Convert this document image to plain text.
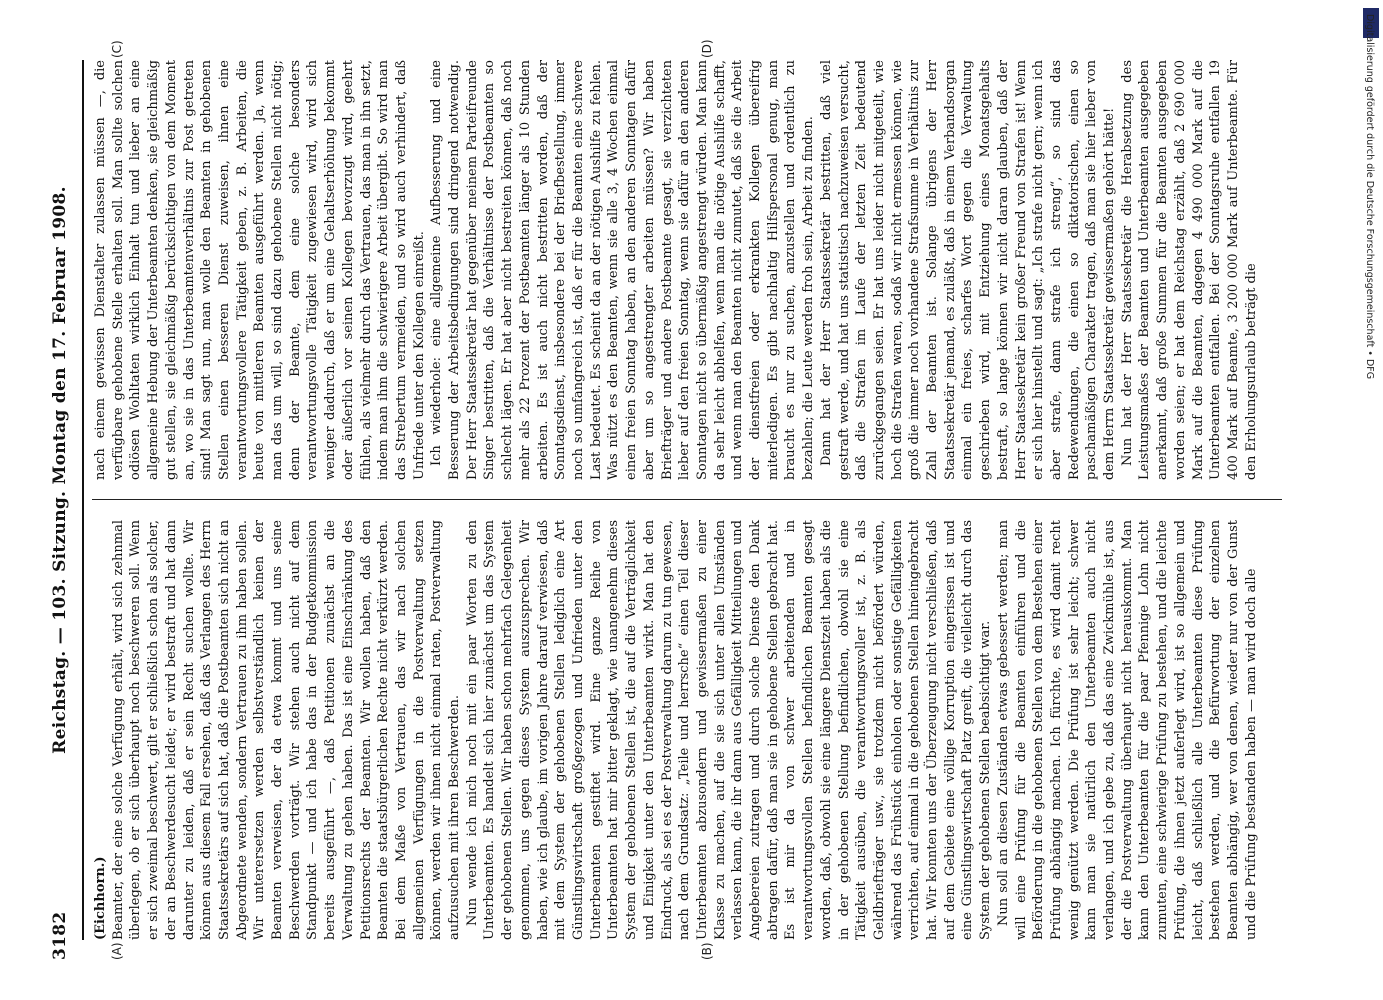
3182
Reichstag. — 103. Sitzung. Montag den 17. Februar 1908.
(A)	(B)
(C)	(D)
(Eichhorn.) Beamter, der eine solche Verfügung erhält, wird sich zehnmal überlegen, ob er sich überhaupt noch beschweren soll. Wenn er sich zweimal beschwert, gilt er schließlich schon als solcher, der an Beschwerdesucht leidet; er wird bestraft und hat dann darunter zu leiden, daß er sein Recht suchen wollte. Wir können aus diesem Fall ersehen, daß das Verlangen des Herrn Staatssekretärs auf sich hat, daß die Postbeamten sich nicht an Abgeordnete wenden, sondern Vertrauen zu ihm haben sollen. Wir unterersetzen werden selbstverständlich keinen der Beamten verweisen, der da etwa kommt und uns seine Beschwerden vorträgt. Wir stehen auch nicht auf dem Standpunkt — und ich habe das in der Budgetkommission bereits ausgeführt —, daß Petitionen zunächst an die Verwaltung zu gehen haben. Das ist eine Einschränkung des Petitionsrechts der Beamten. Wir wollen haben, daß den Beamten die staatsbürgerlichen Rechte nicht verkürzt werden. Bei dem Maße von Vertrauen, das wir nach solchen allgemeinen Verfügungen in die Postverwaltung setzen können, werden wir ihnen nicht einmal raten, Postverwaltung aufzusuchen mit ihren Beschwerden. Nun wende ich mich noch mit ein paar Worten zu den Unterbeamten. Es handelt sich hier zunächst um das System der gehobenen Stellen. Wir haben schon mehrfach Gelegenheit genommen, uns gegen dieses System auszusprechen. Wir haben, wie ich glaube, im vorigen Jahre darauf verwiesen, daß mit dem System der gehobenen Stellen lediglich eine Art Günstlingswirtschaft großgezogen und Unfrieden unter den Unterbeamten gestiftet wird. Eine ganze Reihe von Unterbeamten hat mir bitter geklagt, wie unangenehm dieses System der gehobenen Stellen ist, die auf die Verträglichkeit und Einigkeit unter den Unterbeamten wirkt. Man hat den Eindruck, als sei es der Postverwaltung darum zu tun gewesen, nach dem Grundsatz: „Teile und herrsche“ einen Teil dieser Unterbeamten abzusondern und gewissermaßen zu einer Klasse zu machen, auf die sie sich unter allen Umständen verlassen kann, die ihr dann aus Gefälligkeit Mitteilungen und Angebereien zutragen und durch solche Dienste den Dank abtragen dafür, daß man sie in gehobene Stellen gebracht hat. Es ist mir da von schwer arbeitenden und in verantwortungsvollen Stellen befindlichen Beamten gesagt worden, daß, obwohl sie eine längere Dienstzeit haben als die in der gehobenen Stellung befindlichen, obwohl sie eine Tätigkeit ausüben, die verantwortungsvoller ist, z. B. als Geldbriefträger usw., sie trotzdem nicht befördert würden, während das Frühstück einholen oder sonstige Gefälligkeiten verrichten, auf einmal in die gehobenen Stellen hineingebracht hat. Wir konnten uns der Überzeugung nicht verschließen, daß auf dem Gebiete eine völlige Korruption eingerissen ist und eine Günstlingswirtschaft Platz greift, die vielleicht durch das System der gehobenen Stellen beabsichtigt war. Nun soll an diesen Zuständen etwas gebessert werden; man will eine Prüfung für die Beamten einführen und die Beförderung in die gehobenen Stellen von dem Bestehen einer Prüfung abhängig machen. Ich fürchte, es wird damit recht wenig genützt werden. Die Prüfung ist sehr leicht; schwer kann man sie natürlich den Unterbeamten auch nicht verlangen, und ich gebe zu, daß das eine Zwickmühle ist, aus der die Postverwaltung überhaupt nicht herauskommt. Man kann den Unterbeamten für die paar Pfennige Lohn nicht zumuten, eine schwierige Prüfung zu bestehen, und die leichte Prüfung, die ihnen jetzt auferlegt wird, ist so allgemein und leicht, daß schließlich alle Unterbeamten diese Prüfung bestehen werden, und die Befürwortung der einzelnen Beamten abhängig, wer von denen, wieder nur von der Gunst und die Prüfung bestanden haben — man wird doch alle

nach einem gewissen Dienstalter zulassen müssen —, die verfügbare gehobene Stelle erhalten soll. Man sollte solchen odiösen Wohltaten wirklich Einhalt tun und lieber an eine allgemeine Hebung der Unterbeamten denken, sie gleichmäßig gut stellen, sie gleichmäßig berücksichtigen von dem Moment an, wo sie in das Unterbeamtenverhältnis zur Post getreten sind! Man sagt nun, man wolle den Beamten in gehobenen Stellen einen besseren Dienst zuweisen, ihnen eine verantwortungsvollere Tätigkeit geben, z. B. Arbeiten, die heute von mittleren Beamten ausgeführt werden. Ja, wenn man das um will, so sind dazu gehobene Stellen nicht nötig; denn der Beamte, dem eine solche besonders verantwortungsvolle Tätigkeit zugewiesen wird, wird sich weniger dadurch, daß er um eine Gehaltserhöhung bekommt oder äußerlich vor seinen Kollegen bevorzugt wird, geehrt fühlen, als vielmehr durch das Vertrauen, das man in ihn setzt, indem man ihm die schwierigere Arbeit übergibt. So wird man das Strebertum vermeiden, und so wird auch verhindert, daß Unfriede unter den Kollegen einreißt. Ich wiederhole: eine allgemeine Aufbesserung und eine Besserung der Arbeitsbedingungen sind dringend notwendig. Der Herr Staatssekretär hat gegenüber meinem Parteifreunde Singer bestritten, daß die Verhältnisse der Postbeamten so schlecht lägen. Er hat aber nicht bestreiten können, daß noch mehr als 22 Prozent der Postbeamten länger als 10 Stunden arbeiten. Es ist auch nicht bestritten worden, daß der Sonntagsdienst, insbesondere bei der Briefbestellung, immer noch so umfangreich ist, daß er für die Beamten eine schwere Last bedeutet. Es scheint da an der nötigen Aushilfe zu fehlen. Was nützt es den Beamten, wenn sie alle 3, 4 Wochen einmal einen freien Sonntag haben, an den anderen Sonntagen dafür aber um so angestrengter arbeiten müssen? Wir haben Briefträger und andere Postbeamte gesagt, sie verzichteten lieber auf den freien Sonntag, wenn sie dafür an den anderen Sonntagen nicht so übermäßig angestrengt würden. Man kann da sehr leicht abhelfen, wenn man die nötige Aushilfe schafft, und wenn man den Beamten nicht zumutet, daß sie die Arbeit der dienstfreien oder erkrankten Kollegen übereifrig miterledigen. Es gibt nachhaltig Hilfspersonal genug, man braucht es nur zu suchen, anzustellen und ordentlich zu bezahlen; die Leute werden froh sein, Arbeit zu finden. Dann hat der Herr Staatssekretär bestritten, daß viel gestraft werde, und hat uns statistisch nachzuweisen versucht, daß die Strafen im Laufe der letzten Zeit bedeutend zurückgegangen seien. Er hat uns leider nicht mitgeteilt, wie hoch die Strafen waren, sodaß wir nicht ermessen können, wie groß die immer noch vorhandene Strafsumme in Verhältnis zur Zahl der Beamten ist. Solange übrigens der Herr Staatssekretär jemand, es zuläßt, daß in einem Verbandsorgan einmal ein freies, scharfes Wort gegen die Verwaltung geschrieben wird, mit Entziehung eines Monatsgehalts bestraft, so lange können wir nicht daran glauben, daß der Herr Staatssekretär kein großer Freund von Strafen ist! Wenn er sich hier hinstellt und sagt: „Ich strafe nicht gern; wenn ich aber strafe, dann strafe ich streng“, so sind das Redewendungen, die einen so diktatorischen, einen so paschamäßigen Charakter tragen, daß man sie hier lieber von dem Herrn Staatssekretär gewissermaßen gehört hätte! Nun hat der Herr Staatssekretär die Herabsetzung des Leistungsmaßes der Beamten und Unterbeamten ausgegeben anerkannt, daß große Summen für die Beamten ausgegeben worden seien; er hat dem Reichstag erzählt, daß 2 690 000 Mark auf die Beamten, dagegen 4 490 000 Mark auf die Unterbeamten entfallen. Bei der Sonntagsruhe entfallen 19 400 Mark auf Beamte, 3 200 000 Mark auf Unterbeamte. Für den Erholungsurlaub beträgt die	Digitalisierung gefördert durch die Deutsche Forschungsgemeinschaft • DFG
